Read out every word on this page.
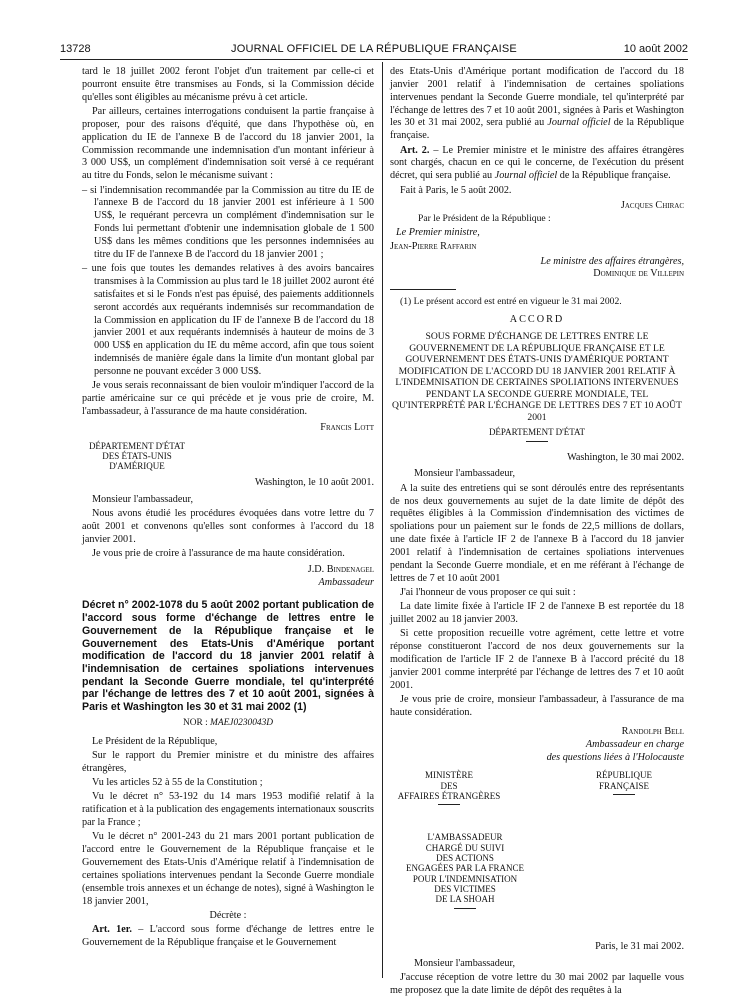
13728	JOURNAL OFFICIEL DE LA RÉPUBLIQUE FRANÇAISE	10 août 2002

tard le 18 juillet 2002 feront l'objet d'un traitement par celle-ci et pourront ensuite être transmises au Fonds, si la Commission décide qu'elles sont éligibles au mécanisme prévu à cet article.

Par ailleurs, certaines interrogations conduisent la partie française à proposer, pour des raisons d'équité, que dans l'hypothèse où, en application du IE de l'annexe B de l'accord du 18 janvier 2001, la Commission recommande une indemnisation d'un montant inférieur à 3 000 US$, un complément d'indemnisation soit versé à ce requérant au titre du Fonds, selon le mécanisme suivant :

– si l'indemnisation recommandée par la Commission au titre du IE de l'annexe B de l'accord du 18 janvier 2001 est inférieure à 1 500 US$, le requérant percevra un complément d'indemnisation sur le Fonds lui permettant d'obtenir une indemnisation globale de 1 500 US$ dans les mêmes conditions que les personnes indemnisées au titre du IF de l'annexe B de l'accord du 18 janvier 2001 ;

– une fois que toutes les demandes relatives à des avoirs bancaires transmises à la Commission au plus tard le 18 juillet 2002 auront été satisfaites et si le Fonds n'est pas épuisé, des paiements additionnels seront accordés aux requérants indemnisés sur recommandation de la Commission en application du IF de l'annexe B de l'accord du 18 janvier 2001 et aux requérants indemnisés à hauteur de moins de 3 000 US$ en application du IE du même accord, afin que tous soient indemnisés de manière égale dans la limite d'un montant global par personne ne pouvant excéder 3 000 US$.

Je vous serais reconnaissant de bien vouloir m'indiquer l'accord de la partie américaine sur ce qui précède et je vous prie de croire, M. l'ambassadeur, à l'assurance de ma haute considération.

Francis Lott
DÉPARTEMENT D'ÉTAT
DES ÉTATS-UNIS
D'AMÉRIQUE
Washington, le 10 août 2001.

Monsieur l'ambassadeur,

Nous avons étudié les procédures évoquées dans votre lettre du 7 août 2001 et convenons qu'elles sont conformes à l'accord du 18 janvier 2001.

Je vous prie de croire à l'assurance de ma haute considération.

J.D. Bindenagel
Ambassadeur
Décret n° 2002-1078 du 5 août 2002 portant publication de l'accord sous forme d'échange de lettres entre le Gouvernement de la République française et le Gouvernement des Etats-Unis d'Amérique portant modification de l'accord du 18 janvier 2001 relatif à l'indemnisation de certaines spoliations intervenues pendant la Seconde Guerre mondiale, tel qu'interprété par l'échange de lettres des 7 et 10 août 2001, signées à Paris et Washington les 30 et 31 mai 2002 (1)
NOR : MAEJ0230043D

Le Président de la République,

Sur le rapport du Premier ministre et du ministre des affaires étrangères,

Vu les articles 52 à 55 de la Constitution ;

Vu le décret n° 53-192 du 14 mars 1953 modifié relatif à la ratification et à la publication des engagements internationaux souscrits par la France ;

Vu le décret n° 2001-243 du 21 mars 2001 portant publication de l'accord entre le Gouvernement de la République française et le Gouvernement des Etats-Unis d'Amérique relatif à l'indemnisation de certaines spoliations intervenues pendant la Seconde Guerre mondiale (ensemble trois annexes et un échange de notes), signé à Washington le 18 janvier 2001,

Décrète :

Art. 1er. – L'accord sous forme d'échange de lettres entre le Gouvernement de la République française et le Gouvernement

des Etats-Unis d'Amérique portant modification de l'accord du 18 janvier 2001 relatif à l'indemnisation de certaines spoliations intervenues pendant la Seconde Guerre mondiale, tel qu'interprété par l'échange de lettres des 7 et 10 août 2001, signées à Paris et Washington les 30 et 31 mai 2002, sera publié au Journal officiel de la République française.

Art. 2. – Le Premier ministre et le ministre des affaires étrangères sont chargés, chacun en ce qui le concerne, de l'exécution du présent décret, qui sera publié au Journal officiel de la République française.

Fait à Paris, le 5 août 2002.

Jacques Chirac

Par le Président de la République :

Le Premier ministre,

Jean-Pierre Raffarin

Le ministre des affaires étrangères,
Dominique de Villepin

(1) Le présent accord est entré en vigueur le 31 mai 2002.

ACCORD
SOUS FORME D'ÉCHANGE DE LETTRES ENTRE LE GOUVERNEMENT DE LA RÉPUBLIQUE FRANÇAISE ET LE GOUVERNEMENT DES ÉTATS-UNIS D'AMÉRIQUE PORTANT MODIFICATION DE L'ACCORD DU 18 JANVIER 2001 RELATIF À L'INDEMNISATION DE CERTAINES SPOLIATIONS INTERVENUES PENDANT LA SECONDE GUERRE MONDIALE, TEL QU'INTERPRÉTÉ PAR L'ÉCHANGE DE LETTRES DES 7 ET 10 AOÛT 2001
DÉPARTEMENT D'ÉTAT
Washington, le 30 mai 2002.

Monsieur l'ambassadeur,

A la suite des entretiens qui se sont déroulés entre des représentants de nos deux gouvernements au sujet de la date limite de dépôt des requêtes éligibles à la Commission d'indemnisation des victimes de spoliations pour un paiement sur le fonds de 22,5 millions de dollars, une date fixée à l'article IF 2 de l'annexe B à l'accord du 18 janvier 2001 relatif à l'indemnisation de certaines spoliations intervenues pendant la Seconde Guerre mondiale, et en me référant à l'échange de lettres de 7 et 10 août 2001

J'ai l'honneur de vous proposer ce qui suit :

La date limite fixée à l'article IF 2 de l'annexe B est reportée du 18 juillet 2002 au 18 janvier 2003.

Si cette proposition recueille votre agrément, cette lettre et votre réponse constitueront l'accord de nos deux gouvernements sur la modification de l'article IF 2 de l'annexe B à l'accord précité du 18 janvier 2001 comme interprété par l'échange de lettres des 7 et 10 août 2001.

Je vous prie de croire, monsieur l'ambassadeur, à l'assurance de ma haute considération.

Randolph Bell
Ambassadeur en charge
des questions liées à l'Holocauste
MINISTÈRE
DES
AFFAIRES ÉTRANGÈRES
RÉPUBLIQUE
FRANÇAISE
L'AMBASSADEUR
CHARGÉ DU SUIVI
DES ACTIONS
ENGAGÉES PAR LA FRANCE
POUR L'INDEMNISATION
DES VICTIMES
DE LA SHOAH
Paris, le 31 mai 2002.

Monsieur l'ambassadeur,

J'accuse réception de votre lettre du 30 mai 2002 par laquelle vous me proposez que la date limite de dépôt des requêtes à la
